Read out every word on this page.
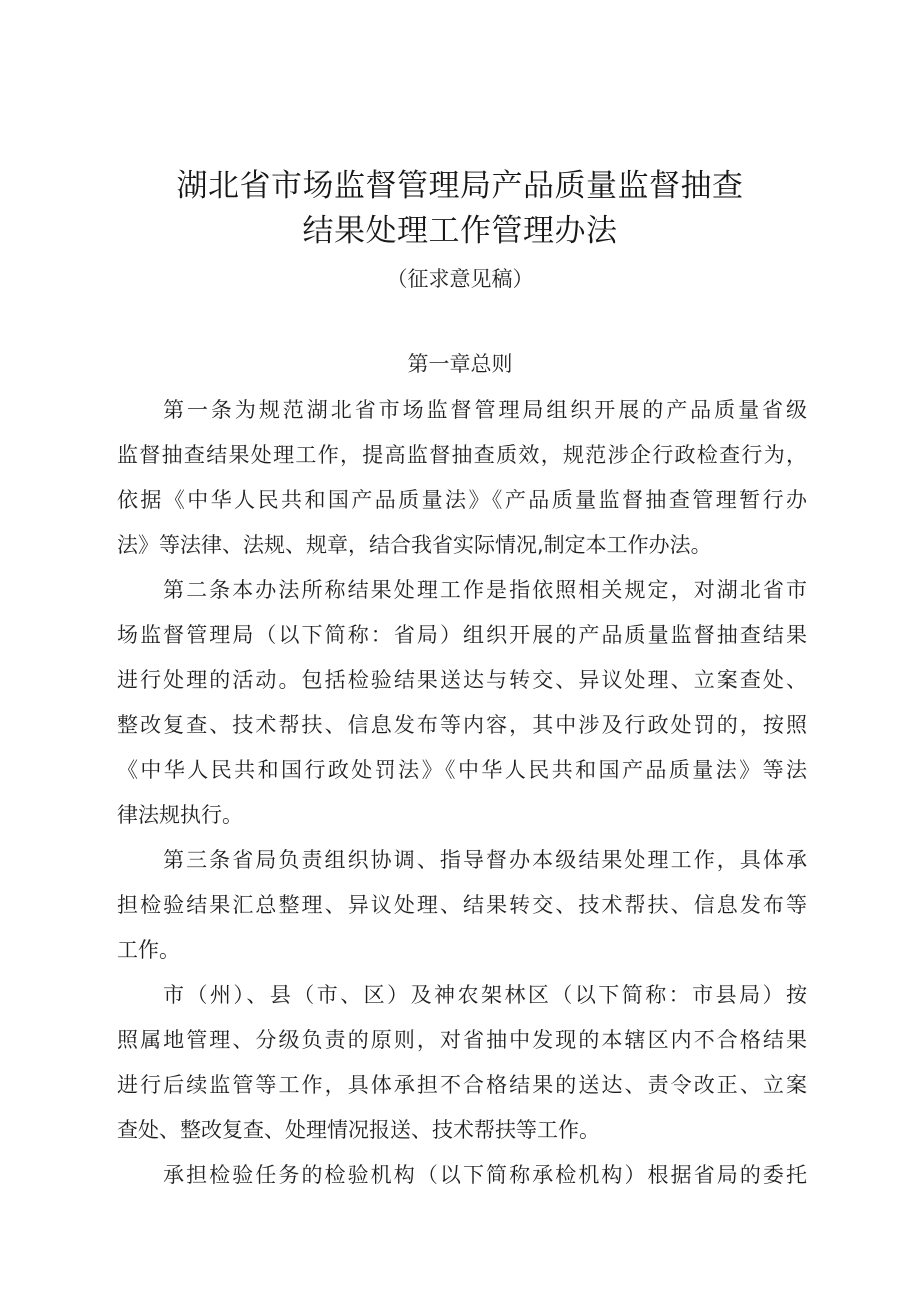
湖北省市场监督管理局产品质量监督抽查
结果处理工作管理办法
（征求意见稿）
第一章总则
第一条为规范湖北省市场监督管理局组织开展的产品质量省级
监督抽查结果处理工作，提高监督抽查质效，规范涉企行政检查行为，
依据《中华人民共和国产品质量法》《产品质量监督抽查管理暂行办
法》等法律、法规、规章，结合我省实际情况,制定本工作办法。
第二条本办法所称结果处理工作是指依照相关规定，对湖北省市
场监督管理局（以下简称：省局）组织开展的产品质量监督抽查结果
进行处理的活动。包括检验结果送达与转交、异议处理、立案查处、
整改复查、技术帮扶、信息发布等内容，其中涉及行政处罚的，按照
《中华人民共和国行政处罚法》《中华人民共和国产品质量法》等法
律法规执行。
第三条省局负责组织协调、指导督办本级结果处理工作，具体承
担检验结果汇总整理、异议处理、结果转交、技术帮扶、信息发布等
工作。
市（州）、县（市、区）及神农架林区（以下简称：市县局）按
照属地管理、分级负责的原则，对省抽中发现的本辖区内不合格结果
进行后续监管等工作，具体承担不合格结果的送达、责令改正、立案
查处、整改复查、处理情况报送、技术帮扶等工作。
承担检验任务的检验机构（以下简称承检机构）根据省局的委托
